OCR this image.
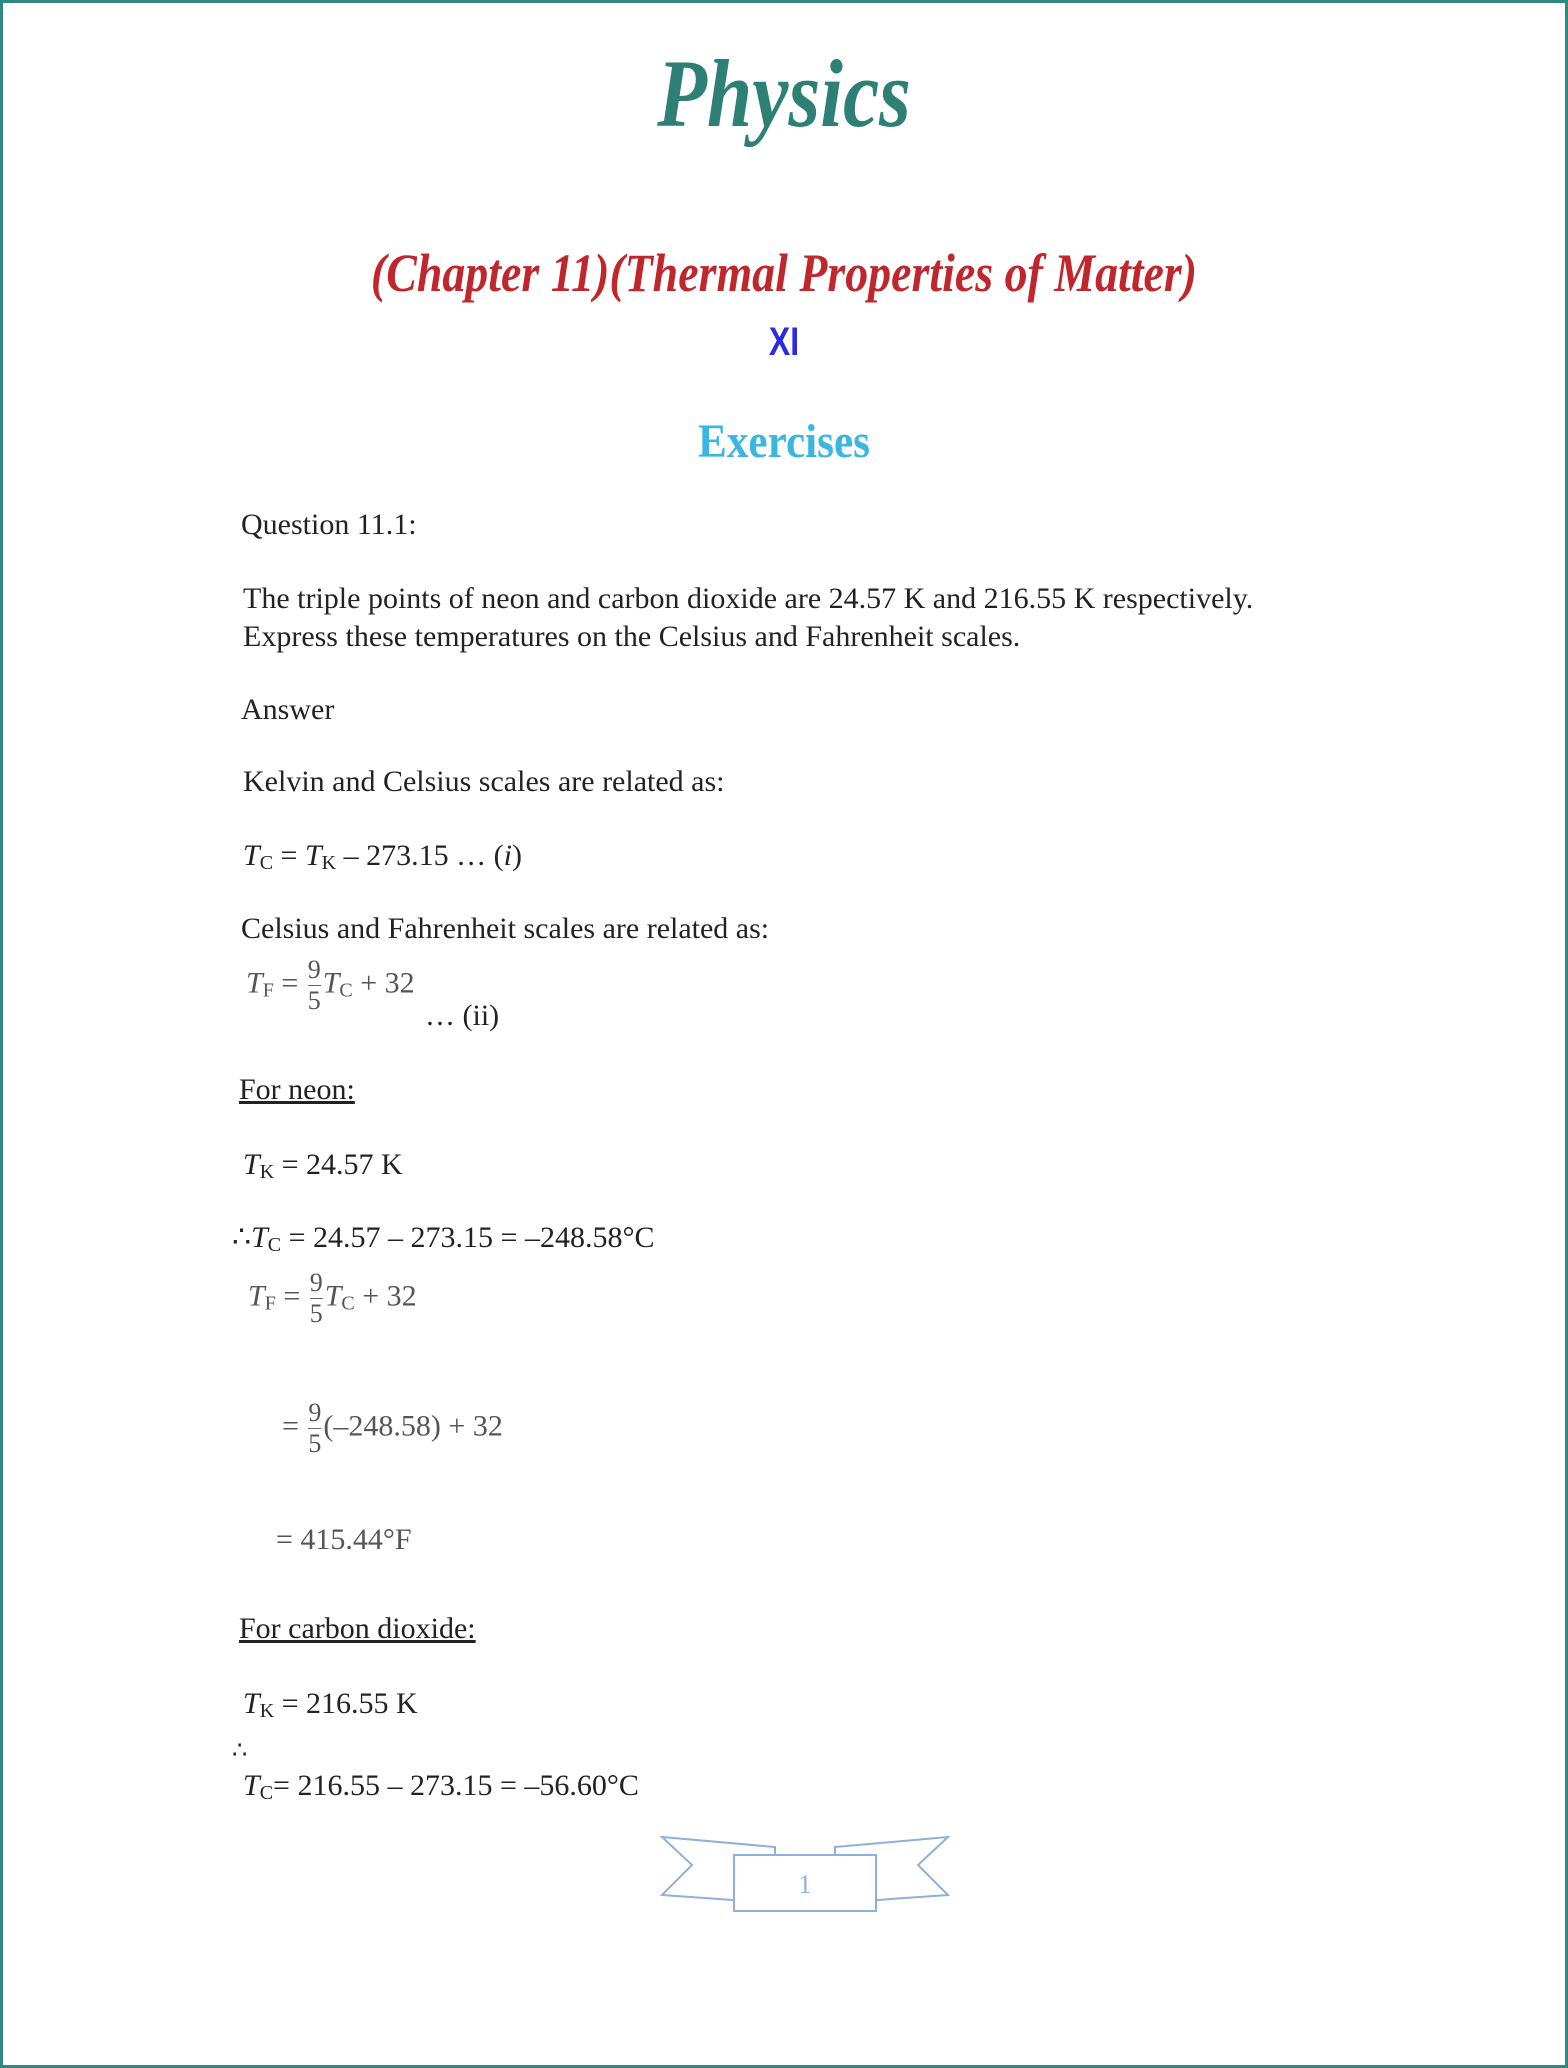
Physics
(Chapter 11)(Thermal Properties of Matter)
XI
Exercises
Question 11.1:
The triple points of neon and carbon dioxide are 24.57 K and 216.55 K respectively.
Express these temperatures on the Celsius and Fahrenheit scales.
Answer
Kelvin and Celsius scales are related as:
$T_C = T_K - 273.15$ … (i)
Celsius and Fahrenheit scales are related as:
$T_F = \frac{9}{5} T_C + 32$
… (ii)
For neon:
$T_K = 24.57$ K
$\therefore T_C = 24.57 - 273.15 = -248.58^\circ C$
$T_F = \frac{9}{5} T_C + 32$
= $\frac{9}{5} (-248.58) + 32$
= 415.44°F
For carbon dioxide:
$T_K = 216.55$ K
∴
$T_C= 216.55 - 273.15 = -56.60^\circ C$
1
